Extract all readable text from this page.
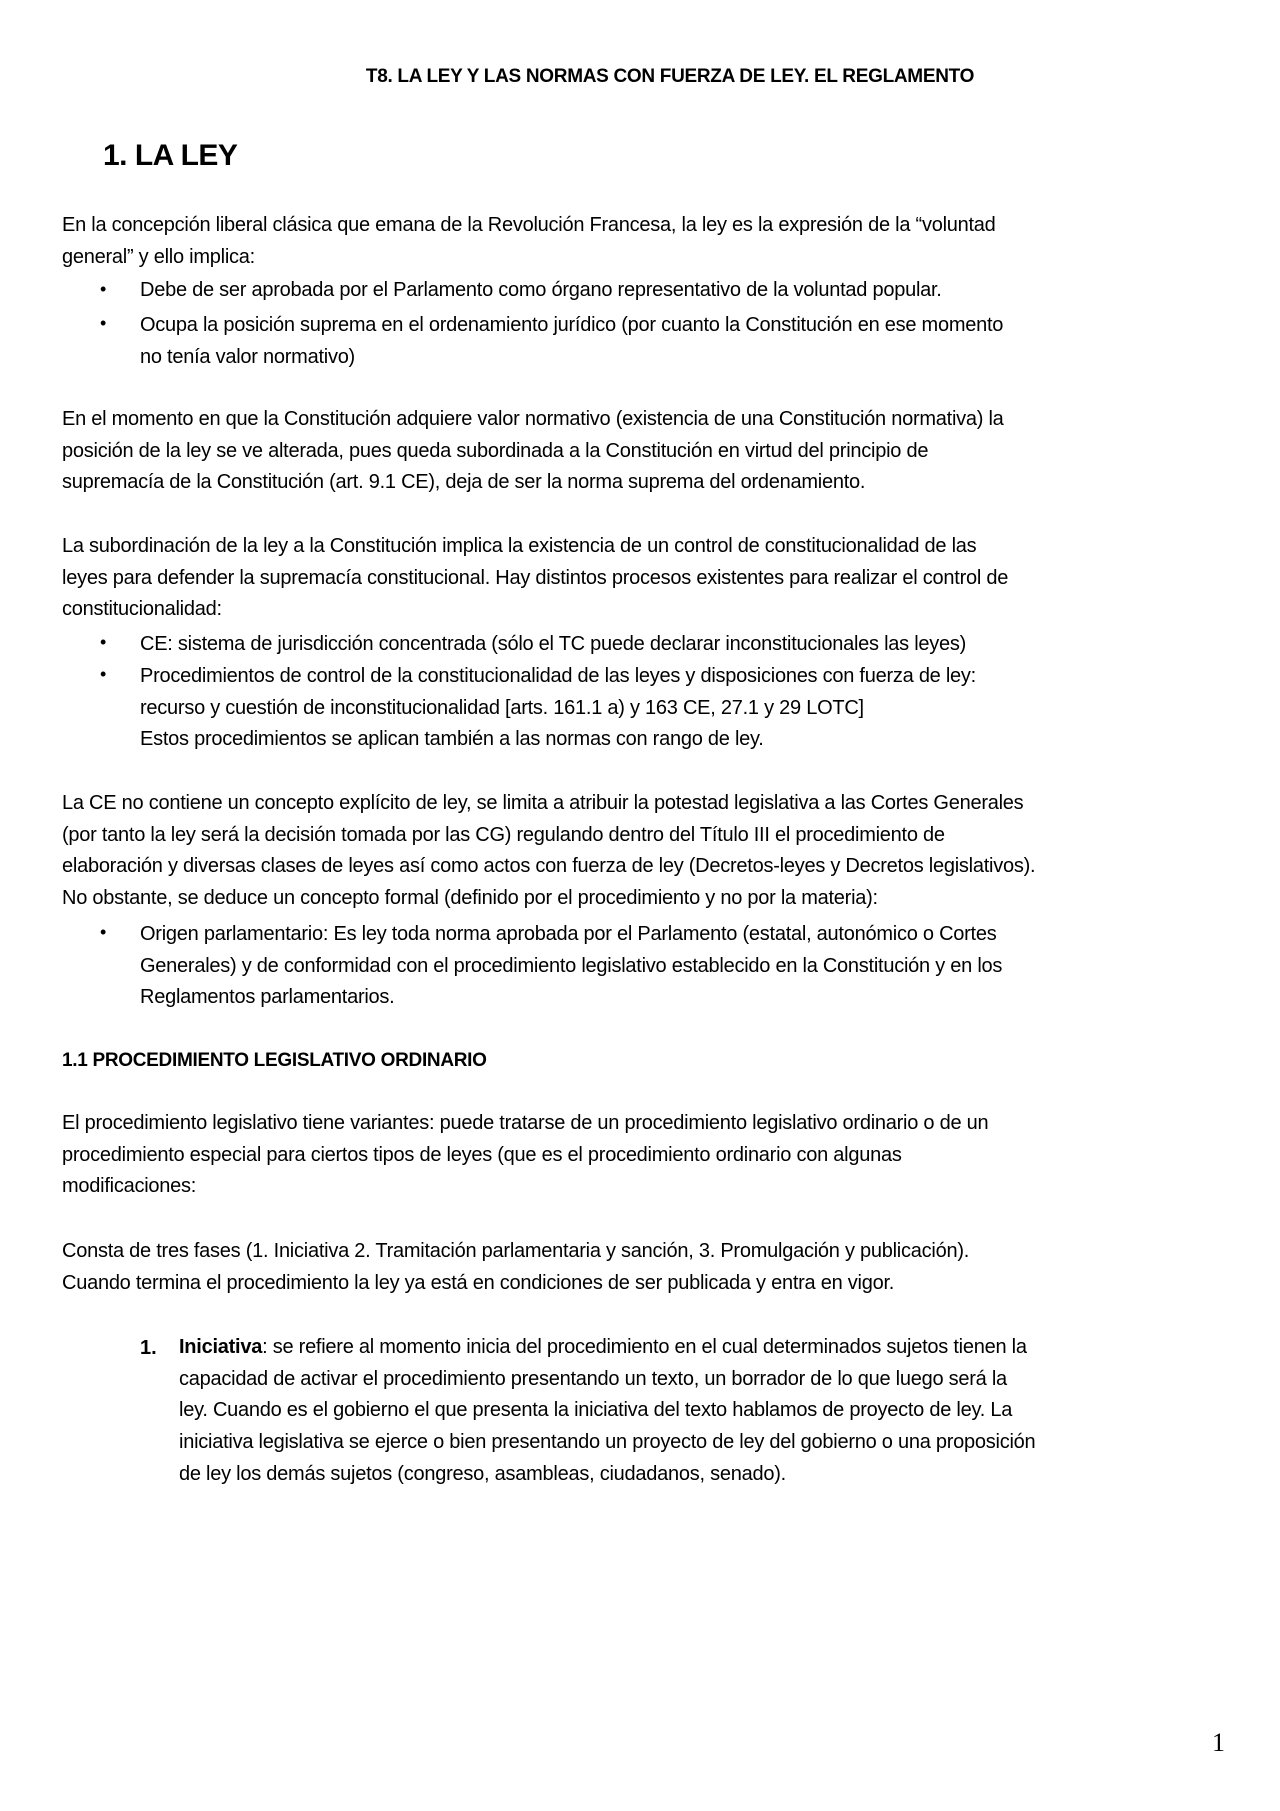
T8. LA LEY Y LAS NORMAS CON FUERZA DE LEY. EL REGLAMENTO
1. LA LEY
En la concepción liberal clásica que emana de la Revolución Francesa, la ley es la expresión de la “voluntad
general” y ello implica:
• Debe de ser aprobada por el Parlamento como órgano representativo de la voluntad popular.
• Ocupa la posición suprema en el ordenamiento jurídico (por cuanto la Constitución en ese momento
no tenía valor normativo)
En el momento en que la Constitución adquiere valor normativo (existencia de una Constitución normativa) la
posición de la ley se ve alterada, pues queda subordinada a la Constitución en virtud del principio de
supremacía de la Constitución (art. 9.1 CE), deja de ser la norma suprema del ordenamiento.
La subordinación de la ley a la Constitución implica la existencia de un control de constitucionalidad de las
leyes para defender la supremacía constitucional. Hay distintos procesos existentes para realizar el control de
constitucionalidad:
• CE: sistema de jurisdicción concentrada (sólo el TC puede declarar inconstitucionales las leyes)
• Procedimientos de control de la constitucionalidad de las leyes y disposiciones con fuerza de ley:
recurso y cuestión de inconstitucionalidad [arts. 161.1 a) y 163 CE, 27.1 y 29 LOTC]
Estos procedimientos se aplican también a las normas con rango de ley.
La CE no contiene un concepto explícito de ley, se limita a atribuir la potestad legislativa a las Cortes Generales
(por tanto la ley será la decisión tomada por las CG) regulando dentro del Título III el procedimiento de
elaboración y diversas clases de leyes así como actos con fuerza de ley (Decretos-leyes y Decretos legislativos).
No obstante, se deduce un concepto formal (definido por el procedimiento y no por la materia):
• Origen parlamentario: Es ley toda norma aprobada por el Parlamento (estatal, autonómico o Cortes
Generales) y de conformidad con el procedimiento legislativo establecido en la Constitución y en los
Reglamentos parlamentarios.
1.1 PROCEDIMIENTO LEGISLATIVO ORDINARIO
El procedimiento legislativo tiene variantes: puede tratarse de un procedimiento legislativo ordinario o de un
procedimiento especial para ciertos tipos de leyes (que es el procedimiento ordinario con algunas
modificaciones:
Consta de tres fases (1. Iniciativa 2. Tramitación parlamentaria y sanción, 3. Promulgación y publicación).
Cuando termina el procedimiento la ley ya está en condiciones de ser publicada y entra en vigor.
1. Iniciativa: se refiere al momento inicia del procedimiento en el cual determinados sujetos tienen la
capacidad de activar el procedimiento presentando un texto, un borrador de lo que luego será la
ley. Cuando es el gobierno el que presenta la iniciativa del texto hablamos de proyecto de ley. La
iniciativa legislativa se ejerce o bien presentando un proyecto de ley del gobierno o una proposición
de ley los demás sujetos (congreso, asambleas, ciudadanos, senado).
1
